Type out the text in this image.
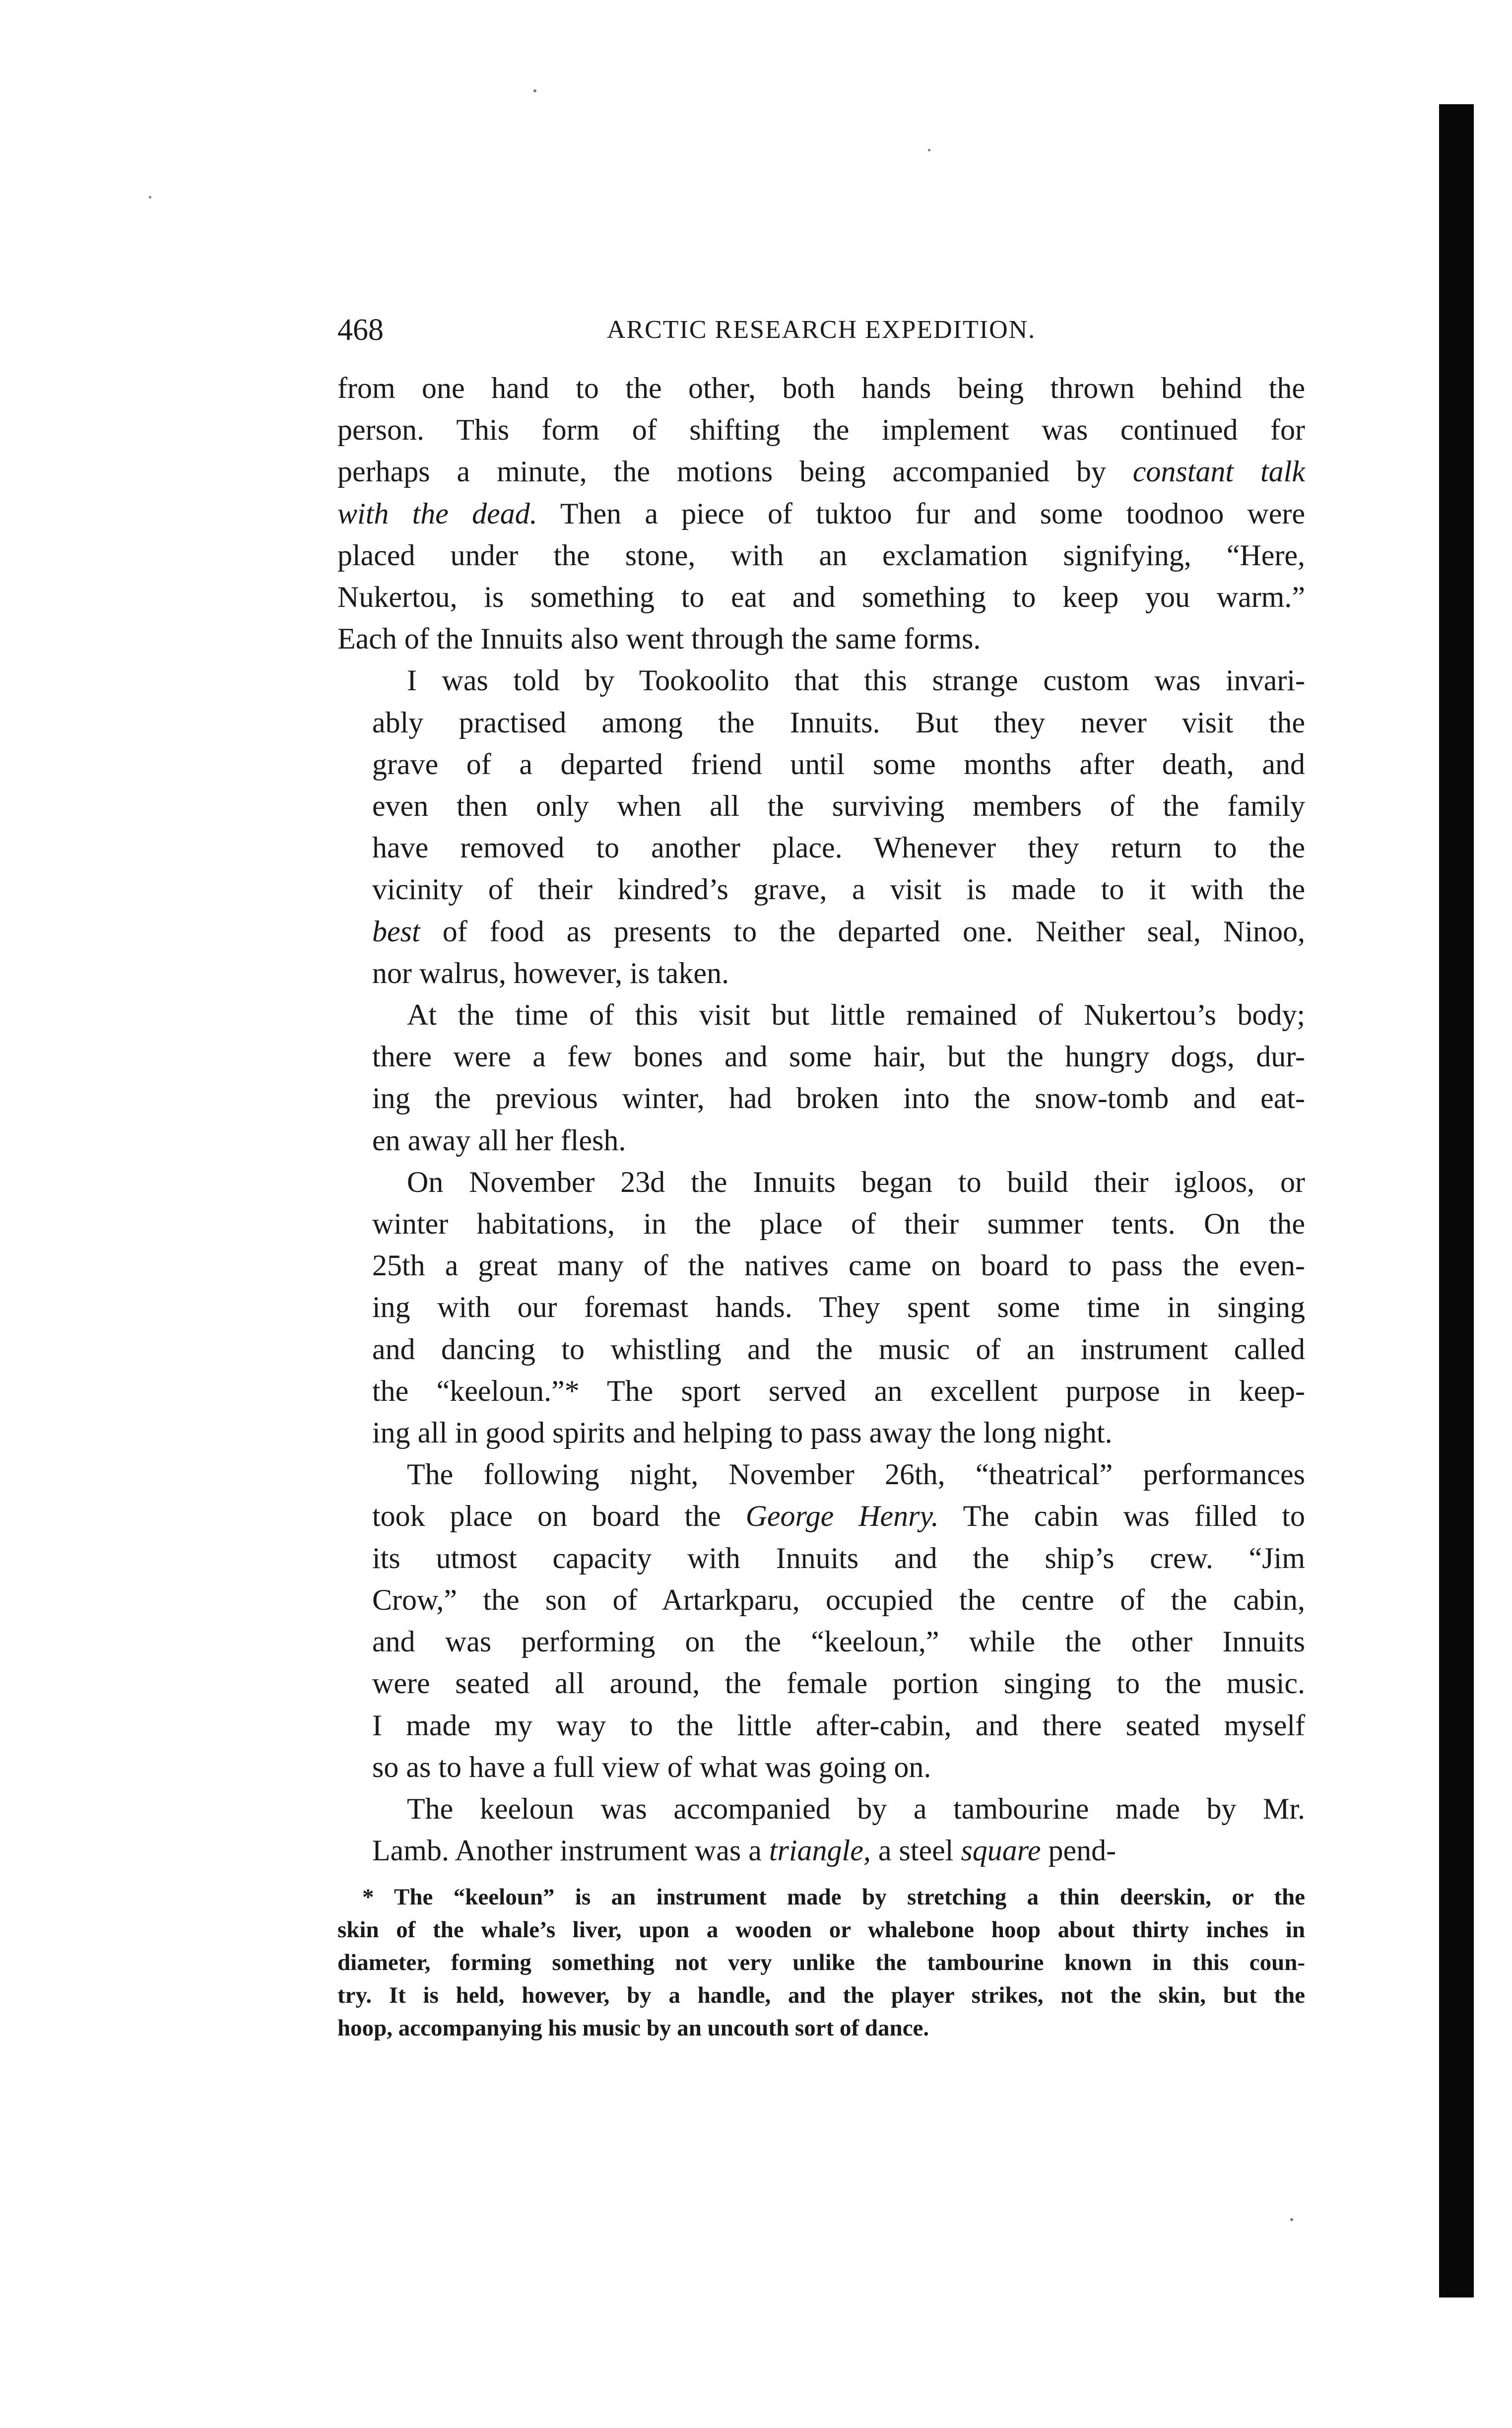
468	ARCTIC RESEARCH EXPEDITION.

from one hand to the other, both hands being thrown behind the
person. This form of shifting the implement was continued for
perhaps a minute, the motions being accompanied by constant talk
with the dead. Then a piece of tuktoo fur and some toodnoo were
placed under the stone, with an exclamation signifying, “Here,
Nukertou, is something to eat and something to keep you warm.”
Each of the Innuits also went through the same forms.

I was told by Tookoolito that this strange custom was invari-
ably practised among the Innuits. But they never visit the
grave of a departed friend until some months after death, and
even then only when all the surviving members of the family
have removed to another place. Whenever they return to the
vicinity of their kindred’s grave, a visit is made to it with the
best of food as presents to the departed one. Neither seal, Ninoo,
nor walrus, however, is taken.

At the time of this visit but little remained of Nukertou’s body;
there were a few bones and some hair, but the hungry dogs, dur-
ing the previous winter, had broken into the snow-tomb and eat-
en away all her flesh.

On November 23d the Innuits began to build their igloos, or
winter habitations, in the place of their summer tents. On the
25th a great many of the natives came on board to pass the even-
ing with our foremast hands. They spent some time in singing
and dancing to whistling and the music of an instrument called
the “keeloun.”* The sport served an excellent purpose in keep-
ing all in good spirits and helping to pass away the long night.

The following night, November 26th, “theatrical” performances
took place on board the George Henry. The cabin was filled to
its utmost capacity with Innuits and the ship’s crew. “Jim
Crow,” the son of Artarkparu, occupied the centre of the cabin,
and was performing on the “keeloun,” while the other Innuits
were seated all around, the female portion singing to the music.
I made my way to the little after-cabin, and there seated myself
so as to have a full view of what was going on.

The keeloun was accompanied by a tambourine made by Mr.
Lamb. Another instrument was a triangle, a steel square pend-

* The “keeloun” is an instrument made by stretching a thin deerskin, or the
skin of the whale’s liver, upon a wooden or whalebone hoop about thirty inches in
diameter, forming something not very unlike the tambourine known in this coun-
try. It is held, however, by a handle, and the player strikes, not the skin, but the
hoop, accompanying his music by an uncouth sort of dance.
